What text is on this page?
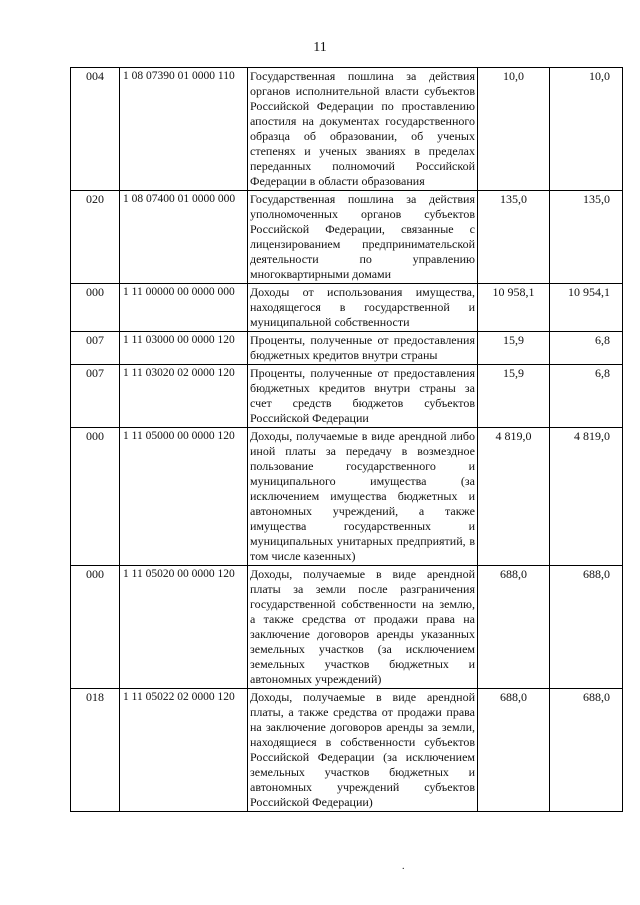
11
004	1 08 07390 01 0000 110	Государственная пошлина за действия органов исполнительной власти субъектов Российской Федерации по проставлению апостиля на документах государственного образца об образовании, об ученых степенях и ученых званиях в пределах переданных полномочий Российской Федерации в области образования	10,0	10,0
020	1 08 07400 01 0000 000	Государственная пошлина за действия уполномоченных органов субъектов Российской Федерации, связанные с лицензированием предпринимательской деятельности по управлению многоквартирными домами	135,0	135,0
000	1 11 00000 00 0000 000	Доходы от использования имущества, находящегося в государственной и муниципальной собственности	10 958,1	10 954,1
007	1 11 03000 00 0000 120	Проценты, полученные от предоставления бюджетных кредитов внутри страны	15,9	6,8
007	1 11 03020 02 0000 120	Проценты, полученные от предоставления бюджетных кредитов внутри страны за счет средств бюджетов субъектов Российской Федерации	15,9	6,8
000	1 11 05000 00 0000 120	Доходы, получаемые в виде арендной либо иной платы за передачу в возмездное пользование государственного и муниципального имущества (за исключением имущества бюджетных и автономных учреждений, а также имущества государственных и муниципальных унитарных предприятий, в том числе казенных)	4 819,0	4 819,0
000	1 11 05020 00 0000 120	Доходы, получаемые в виде арендной платы за земли после разграничения государственной собственности на землю, а также средства от продажи права на заключение договоров аренды указанных земельных участков (за исключением земельных участков бюджетных и автономных учреждений)	688,0	688,0
018	1 11 05022 02 0000 120	Доходы, получаемые в виде арендной платы, а также средства от продажи права на заключение договоров аренды за земли, находящиеся в собственности субъектов Российской Федерации (за исключением земельных участков бюджетных и автономных учреждений субъектов Российской Федерации)	688,0	688,0
.
